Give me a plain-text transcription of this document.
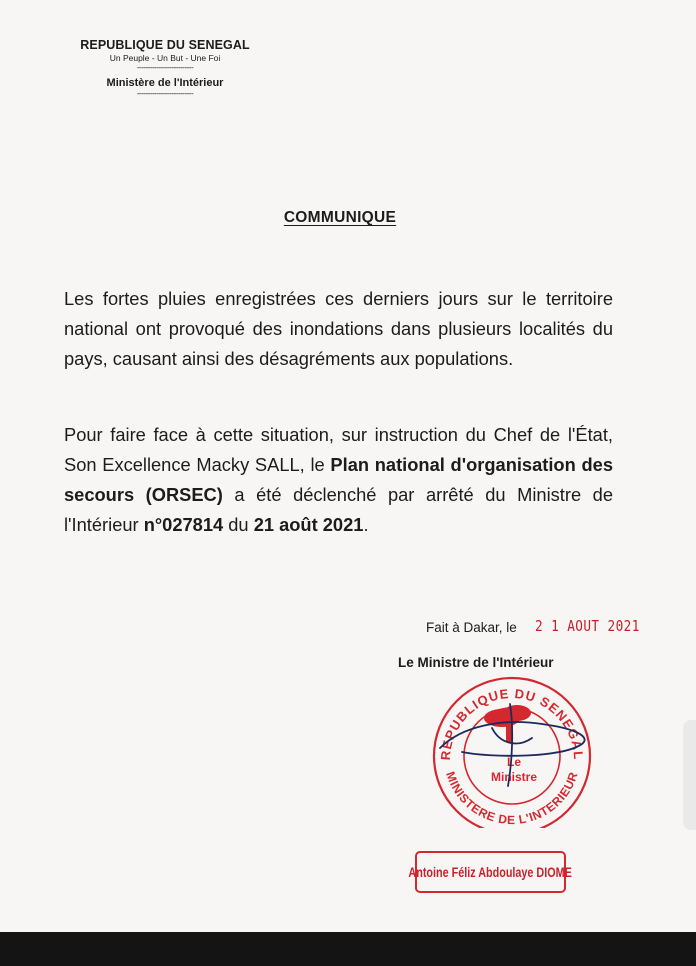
REPUBLIQUE DU SENEGAL
Un Peuple - Un But - Une Foi
--------------------------
Ministère de l'Intérieur
--------------------------
COMMUNIQUE

Les fortes pluies enregistrées ces derniers jours sur le territoire national ont provoqué des inondations dans plusieurs localités du pays, causant ainsi des désagréments aux populations.

Pour faire face à cette situation, sur instruction du Chef de l'État, Son Excellence Macky SALL, le Plan national d'organisation des secours (ORSEC) a été déclenché par arrêté du Ministre de l'Intérieur n°027814 du 21 août 2021.

Fait à Dakar, le 2 1 AOUT 2021
Le Ministre de l'Intérieur
REPUBLIQUE DU SENEGAL
MINISTERE DE L'INTERIEUR
Le
Ministre
Antoine Féliz Abdoulaye DIOME
